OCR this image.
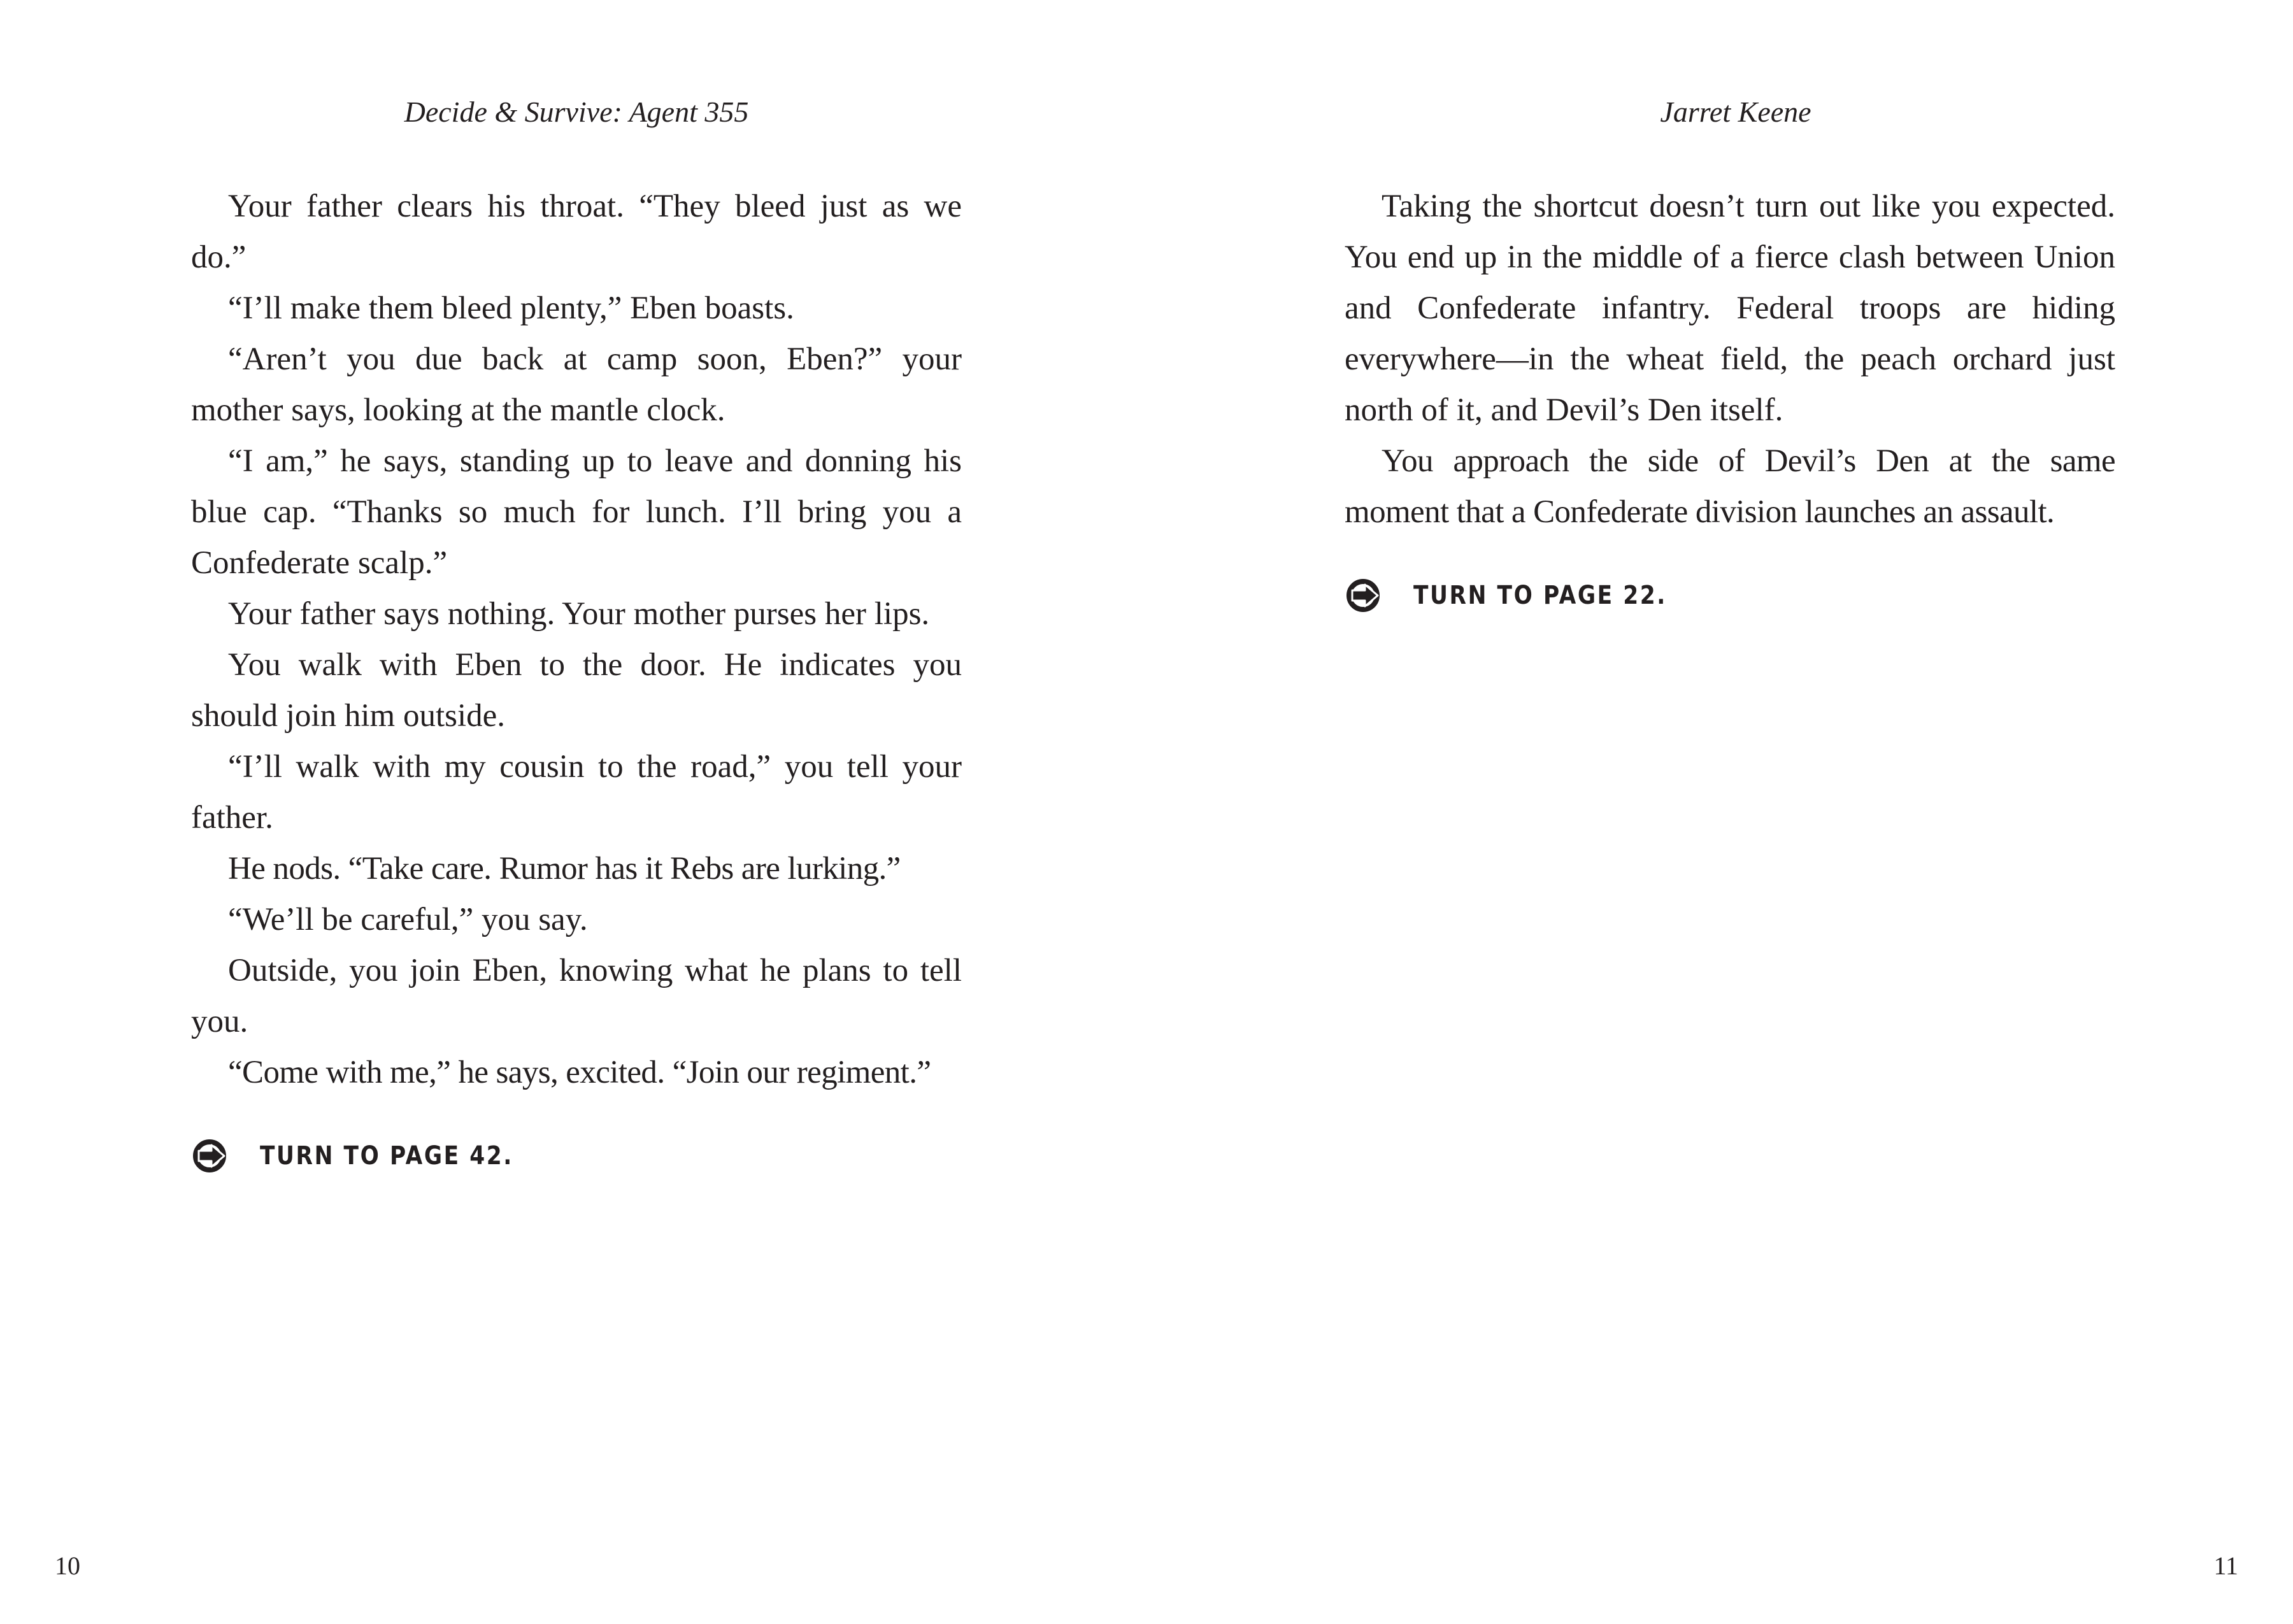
Decide & Survive: Agent 355

Your father clears his throat. “They bleed just as we do.”

“I’ll make them bleed plenty,” Eben boasts.

“Aren’t you due back at camp soon, Eben?” your mother says, looking at the mantle clock.

“I am,” he says, standing up to leave and donning his blue cap. “Thanks so much for lunch. I’ll bring you a Confederate scalp.”

Your father says nothing. Your mother purses her lips.

You walk with Eben to the door. He indicates you should join him outside.

“I’ll walk with my cousin to the road,” you tell your father.

He nods. “Take care. Rumor has it Rebs are lurking.”

“We’ll be careful,” you say.

Outside, you join Eben, knowing what he plans to tell you.

“Come with me,” he says, excited. “Join our regiment.”

TURN TO PAGE 42.
10
Jarret Keene

Taking the shortcut doesn’t turn out like you expected. You end up in the middle of a fierce clash between Union and Confederate infantry. Federal troops are hiding everywhere—in the wheat field, the peach orchard just north of it, and Devil’s Den itself.

You approach the side of Devil’s Den at the same moment that a Confederate division launches an assault.

TURN TO PAGE 22.
11
